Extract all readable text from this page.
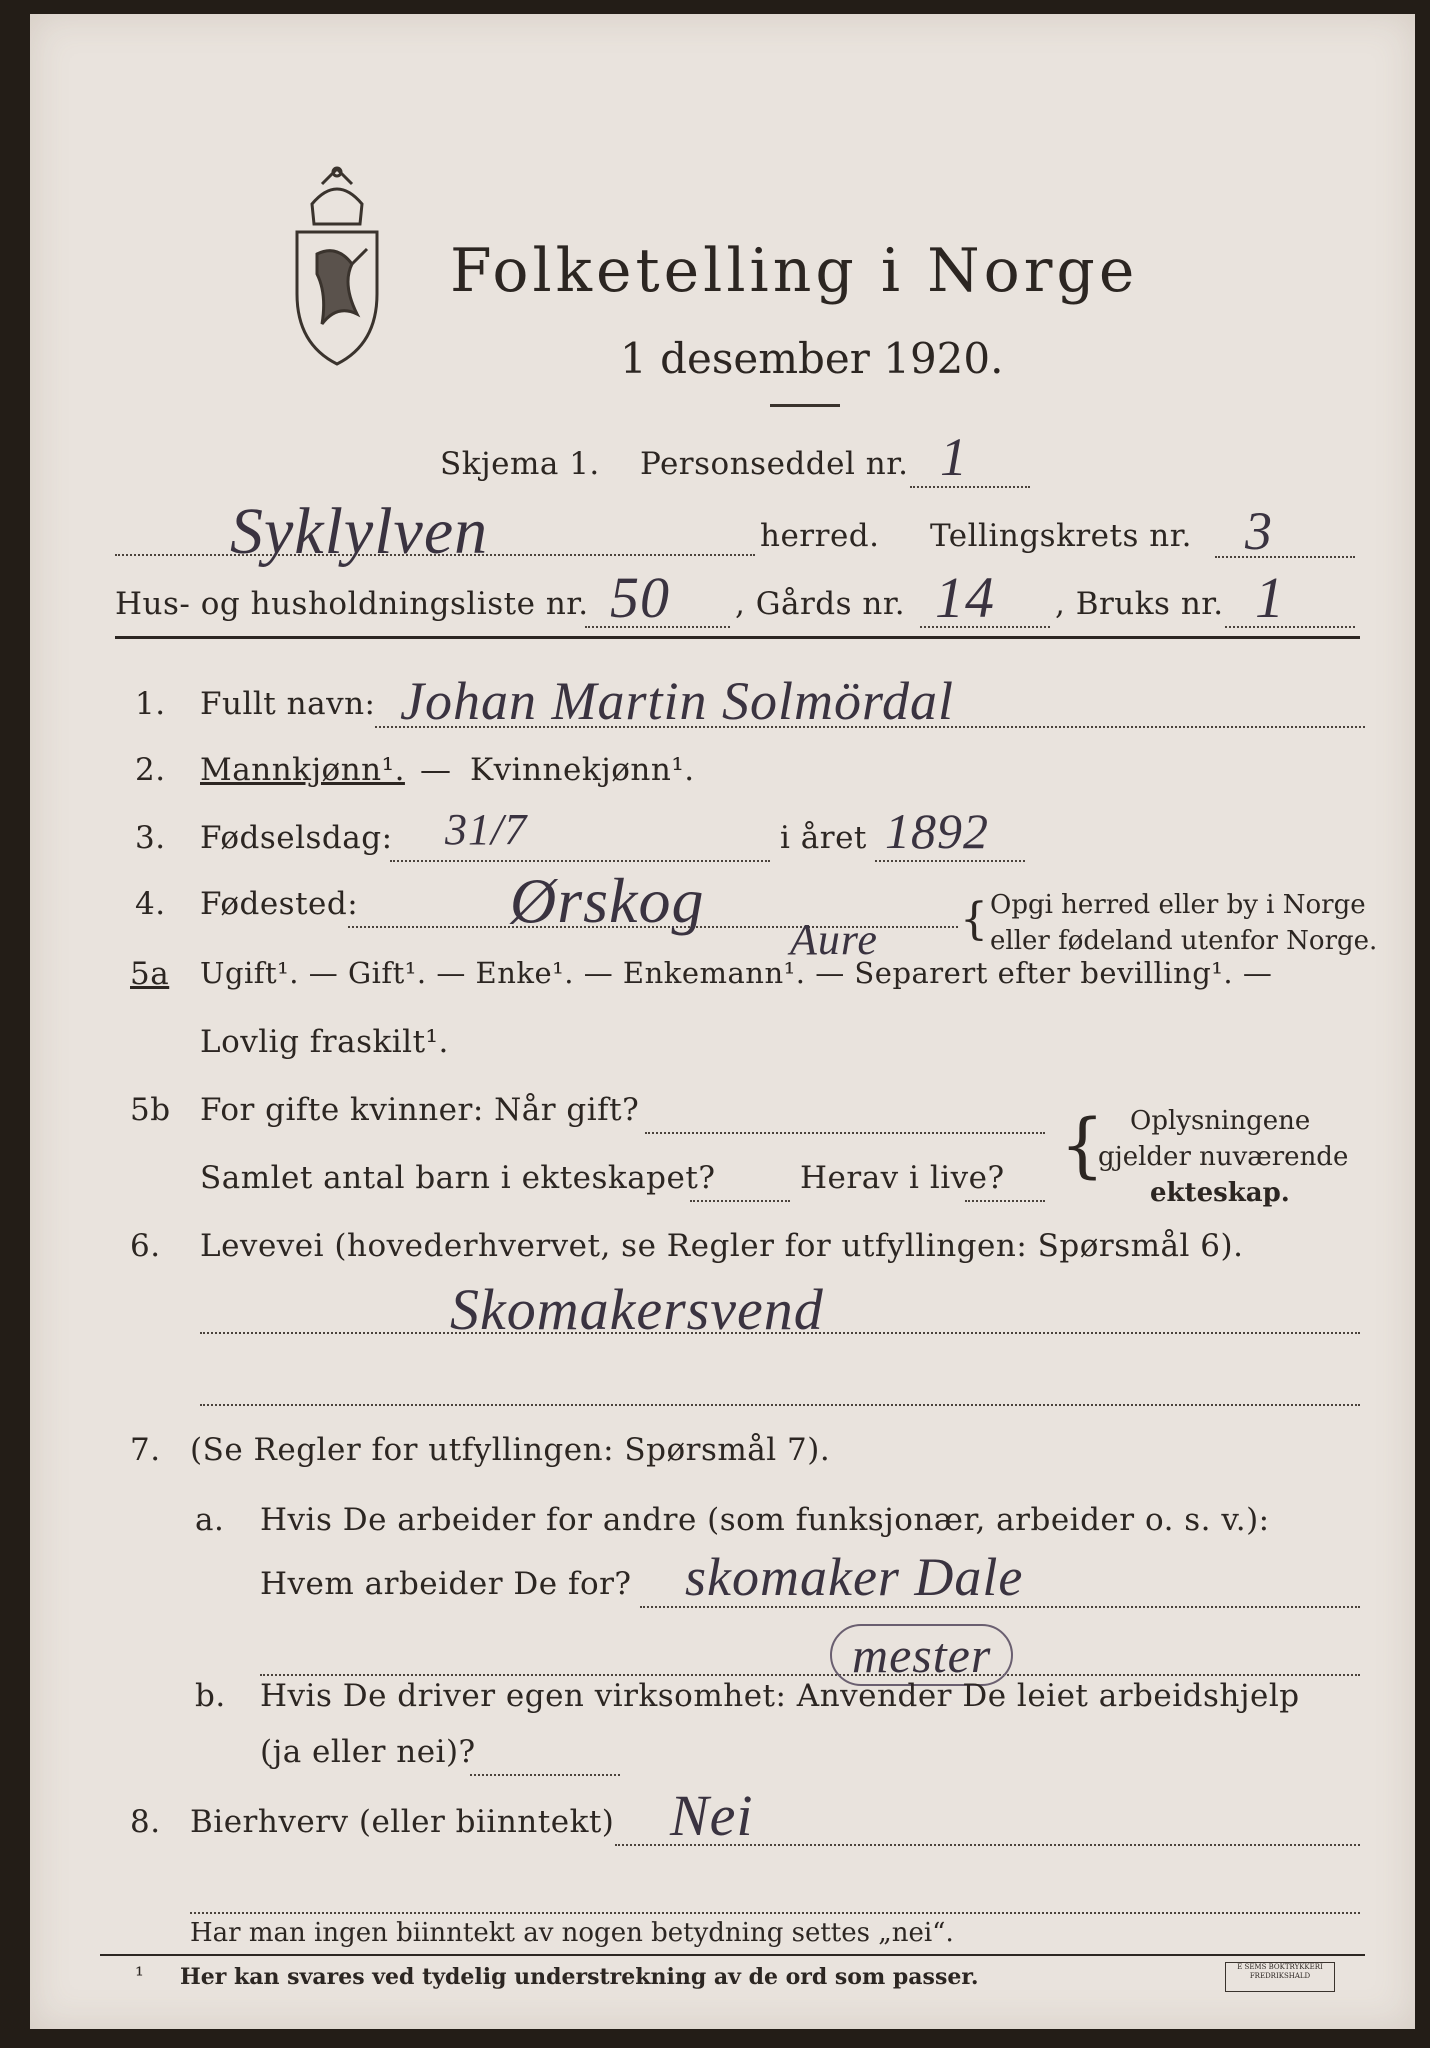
Folketelling i Norge
1 desember 1920.
Skjema 1. Personseddel nr. 1
Syklylven	herred. Tellingskrets nr. 3
Hus- og husholdningsliste nr. 50 , Gårds nr. 14 , Bruks nr. 1
1. Fullt navn: Johan Martin Solmördal
2. Mannkjønn¹. — Kvinnekjønn¹.
3. Fødselsdag: 31/7	i året 1892
4. Fødested: Ørskog
Aure { Opgi herred eller by i Norge
eller fødeland utenfor Norge.
5a Ugift¹. — Gift¹. — Enke¹. — Enkemann¹. — Separert efter bevilling¹. —
Lovlig fraskilt¹.
5b For gifte kvinner: Når gift?
Samlet antal barn i ekteskapet?	Herav i live? { Oplysningene
gjelder nuværende
ekteskap.
6. Levevei (hovederhvervet, se Regler for utfyllingen: Spørsmål 6).
Skomakersvend
7. (Se Regler for utfyllingen: Spørsmål 7).
a. Hvis De arbeider for andre (som funksjonær, arbeider o. s. v.):
Hvem arbeider De for? skomaker Dale
mester
b. Hvis De driver egen virksomhet: Anvender De leiet arbeidshjelp
(ja eller nei)?
8. Bierhverv (eller biinntekt) Nei
Har man ingen biinntekt av nogen betydning settes „nei“.
¹ Her kan svares ved tydelig understrekning av de ord som passer.	E SEMS BOKTRYKKERI FREDRIKSHALD
